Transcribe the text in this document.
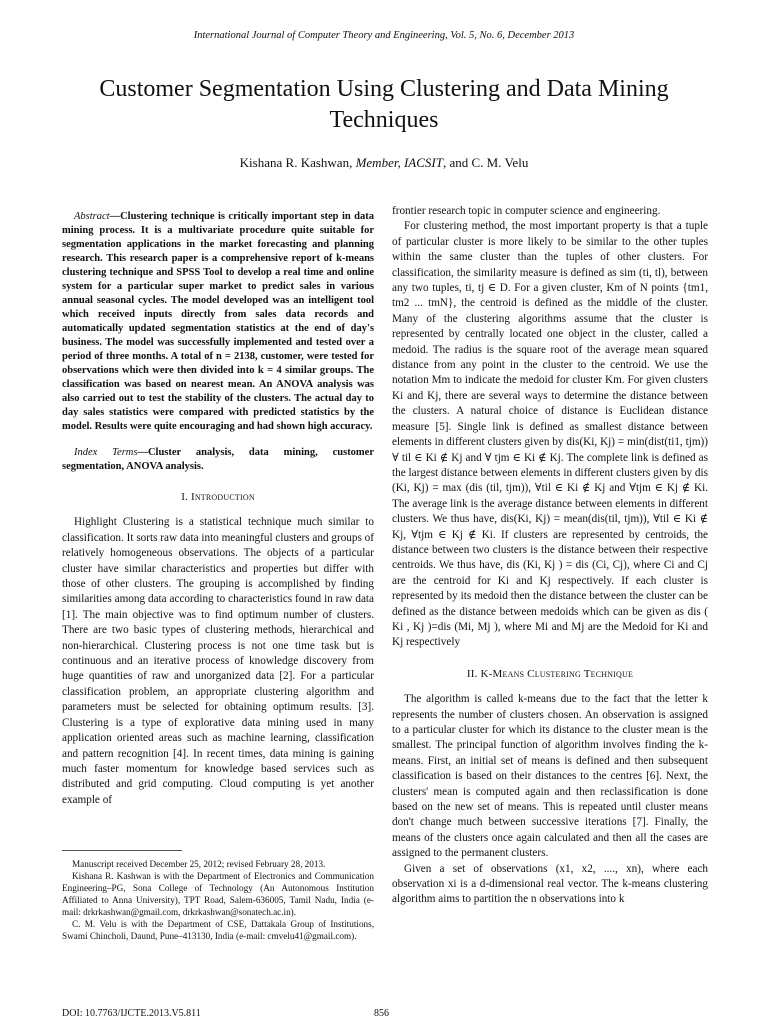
International Journal of Computer Theory and Engineering, Vol. 5, No. 6, December 2013
Customer Segmentation Using Clustering and Data Mining Techniques
Kishana R. Kashwan, Member, IACSIT, and C. M. Velu

Abstract—Clustering technique is critically important step in data mining process. It is a multivariate procedure quite suitable for segmentation applications in the market forecasting and planning research. This research paper is a comprehensive report of k-means clustering technique and SPSS Tool to develop a real time and online system for a particular super market to predict sales in various annual seasonal cycles. The model developed was an intelligent tool which received inputs directly from sales data records and automatically updated segmentation statistics at the end of day's business. The model was successfully implemented and tested over a period of three months. A total of n = 2138, customer, were tested for observations which were then divided into k = 4 similar groups. The classification was based on nearest mean. An ANOVA analysis was also carried out to test the stability of the clusters. The actual day to day sales statistics were compared with predicted statistics by the model. Results were quite encouraging and had shown high accuracy.

Index Terms—Cluster analysis, data mining, customer segmentation, ANOVA analysis.

I. Introduction

Highlight Clustering is a statistical technique much similar to classification. It sorts raw data into meaningful clusters and groups of relatively homogeneous observations. The objects of a particular cluster have similar characteristics and properties but differ with those of other clusters. The grouping is accomplished by finding similarities among data according to characteristics found in raw data [1]. The main objective was to find optimum number of clusters. There are two basic types of clustering methods, hierarchical and non-hierarchical. Clustering process is not one time task but is continuous and an iterative process of knowledge discovery from huge quantities of raw and unorganized data [2]. For a particular classification problem, an appropriate clustering algorithm and parameters must be selected for obtaining optimum results. [3]. Clustering is a type of explorative data mining used in many application oriented areas such as machine learning, classification and pattern recognition [4]. In recent times, data mining is gaining much faster momentum for knowledge based services such as distributed and grid computing. Cloud computing is yet another example of

Manuscript received December 25, 2012; revised February 28, 2013.

Kishana R. Kashwan is with the Department of Electronics and Communication Engineering–PG, Sona College of Technology (An Autonomous Institution Affiliated to Anna University), TPT Road, Salem-636005, Tamil Nadu, India (e-mail: drkrkashwan@gmail.com, drkrkashwan@sonatech.ac.in).

C. M. Velu is with the Department of CSE, Dattakala Group of Institutions, Swami Chincholi, Daund, Pune–413130, India (e-mail: cmvelu41@gmail.com).

frontier research topic in computer science and engineering.

For clustering method, the most important property is that a tuple of particular cluster is more likely to be similar to the other tuples within the same cluster than the tuples of other clusters. For classification, the similarity measure is defined as sim (ti, tl), between any two tuples, ti, tj ∈ D. For a given cluster, Km of N points {tm1, tm2 ... tmN}, the centroid is defined as the middle of the cluster. Many of the clustering algorithms assume that the cluster is represented by centrally located one object in the cluster, called a medoid. The radius is the square root of the average mean squared distance from any point in the cluster to the centroid. We use the notation Mm to indicate the medoid for cluster Km. For given clusters Ki and Kj, there are several ways to determine the distance between the clusters. A natural choice of distance is Euclidean distance measure [5]. Single link is defined as smallest distance between elements in different clusters given by dis(Ki, Kj) = min(dist(ti1, tjm)) ∀ til ∈ Ki ∉ Kj and ∀ tjm ∈ Ki ∉ Kj. The complete link is defined as the largest distance between elements in different clusters given by dis (Ki, Kj) = max (dis (til, tjm)), ∀til ∈ Ki ∉ Kj and ∀tjm ∈ Kj ∉ Ki. The average link is the average distance between elements in different clusters. We thus have, dis(Ki, Kj) = mean(dis(til, tjm)), ∀til ∈ Ki ∉ Kj, ∀tjm ∈ Kj ∉ Ki. If clusters are represented by centroids, the distance between two clusters is the distance between their respective centroids. We thus have, dis (Ki, Kj ) = dis (Ci, Cj), where Ci and Cj are the centroid for Ki and Kj respectively. If each cluster is represented by its medoid then the distance between the cluster can be defined as the distance between medoids which can be given as dis ( Ki , Kj )=dis (Mi, Mj ), where Mi and Mj are the Medoid for Ki and Kj respectively

II. K-Means Clustering Technique

The algorithm is called k-means due to the fact that the letter k represents the number of clusters chosen. An observation is assigned to a particular cluster for which its distance to the cluster mean is the smallest. The principal function of algorithm involves finding the k-means. First, an initial set of means is defined and then subsequent classification is based on their distances to the centres [6]. Next, the clusters' mean is computed again and then reclassification is done based on the new set of means. This is repeated until cluster means don't change much between successive iterations [7]. Finally, the means of the clusters once again calculated and then all the cases are assigned to the permanent clusters.

Given a set of observations (x1, x2, ...., xn), where each observation xi is a d-dimensional real vector. The k-means clustering algorithm aims to partition the n observations into k

DOI: 10.7763/IJCTE.2013.V5.811	856
